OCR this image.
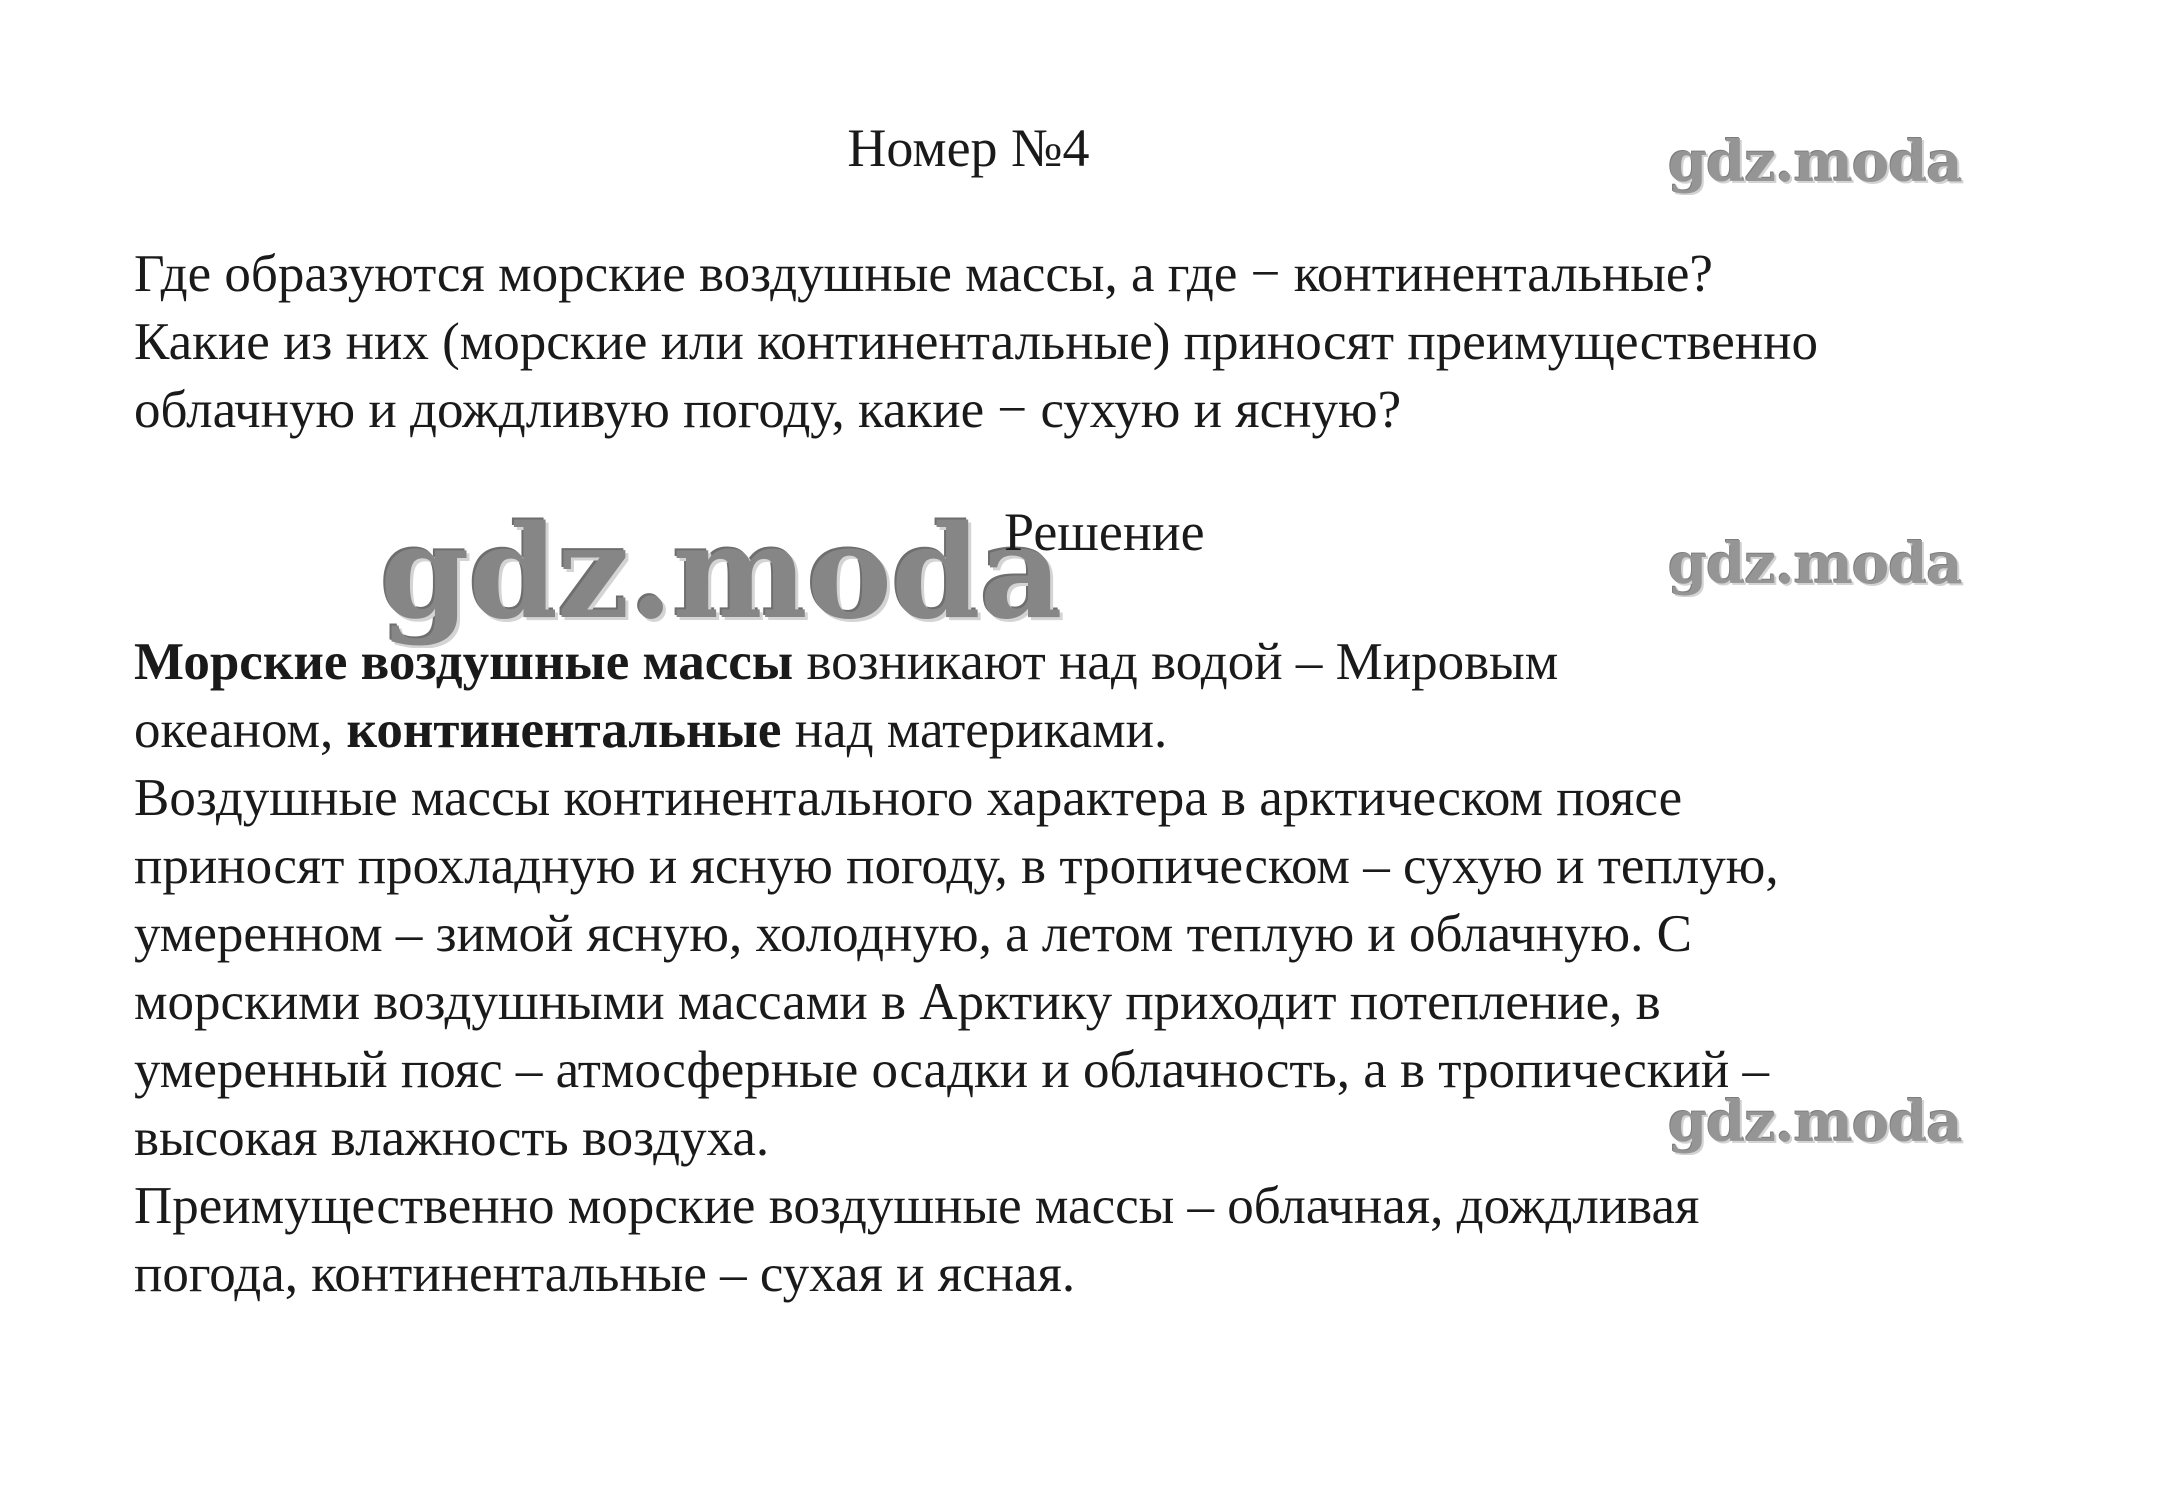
Номер №4	gdz.moda

Где образуются морские воздушные массы, а где − континентальные?

Какие из них (морские или континентальные) приносят преимущественно

облачную и дождливую погоду, какие − сухую и ясную?

gdz.moda
Решение	gdz.moda

Морские воздушные массы возникают над водой – Мировым

океаном, континентальные над материками.

Воздушные массы континентального характера в арктическом поясе

приносят прохладную и ясную погоду, в тропическом – сухую и теплую,

умеренном – зимой ясную, холодную, а летом теплую и облачную. С

морскими воздушными массами в Арктику приходит потепление, в

умеренный пояс – атмосферные осадки и облачность, а в тропический –

высокая влажность воздуха.

Преимущественно морские воздушные массы – облачная, дождливая

погода, континентальные – сухая и ясная.

gdz.moda
